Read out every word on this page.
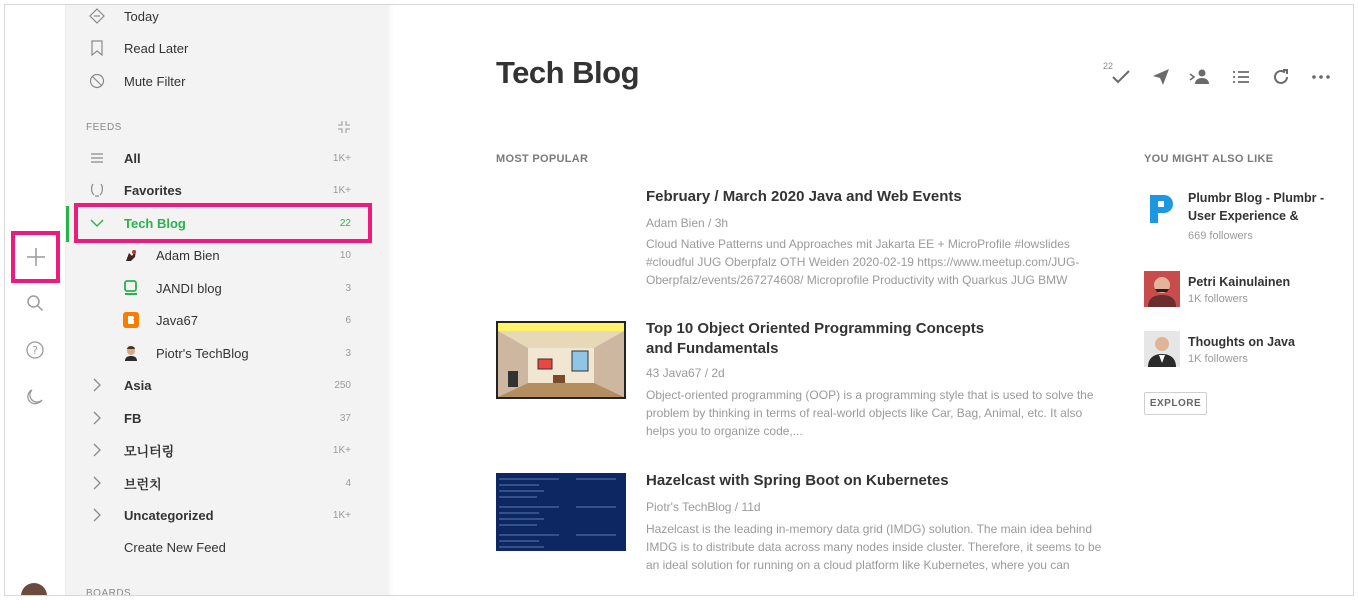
?
Today
Read Later
Mute Filter
FEEDS
All	1K+
Favorites	1K+
Tech Blog	22
Adam Bien	10
JANDI blog	3
Java67	6
Piotr's TechBlog	3
Asia	250
FB	37
모니터링	1K+
브런치	4
Uncategorized	1K+
Create New Feed
BOARDS
Tech Blog	22
MOST POPULAR	YOU MIGHT ALSO LIKE
February / March 2020 Java and Web Events
Adam Bien / 3h
Cloud Native Patterns und Approaches mit Jakarta EE + MicroProfile #lowslides #cloudful JUG Oberpfalz OTH Weiden 2020-02-19 https://www.meetup.com/JUG-Oberpfalz/events/267274608/ Microprofile Productivity with Quarkus JUG BMW
Top 10 Object Oriented Programming Concepts and Fundamentals
43 Java67 / 2d
Object-oriented programming (OOP) is a programming style that is used to solve the problem by thinking in terms of real-world objects like Car, Bag, Animal, etc. It also helps you to organize code,...
Hazelcast with Spring Boot on Kubernetes
Piotr's TechBlog / 11d
Hazelcast is the leading in-memory data grid (IMDG) solution. The main idea behind IMDG is to distribute data across many nodes inside cluster. Therefore, it seems to be an ideal solution for running on a cloud platform like Kubernetes, where you can
Plumbr Blog - Plumbr - User Experience &
669 followers
Petri Kainulainen
1K followers
Thoughts on Java
1K followers
EXPLORE
